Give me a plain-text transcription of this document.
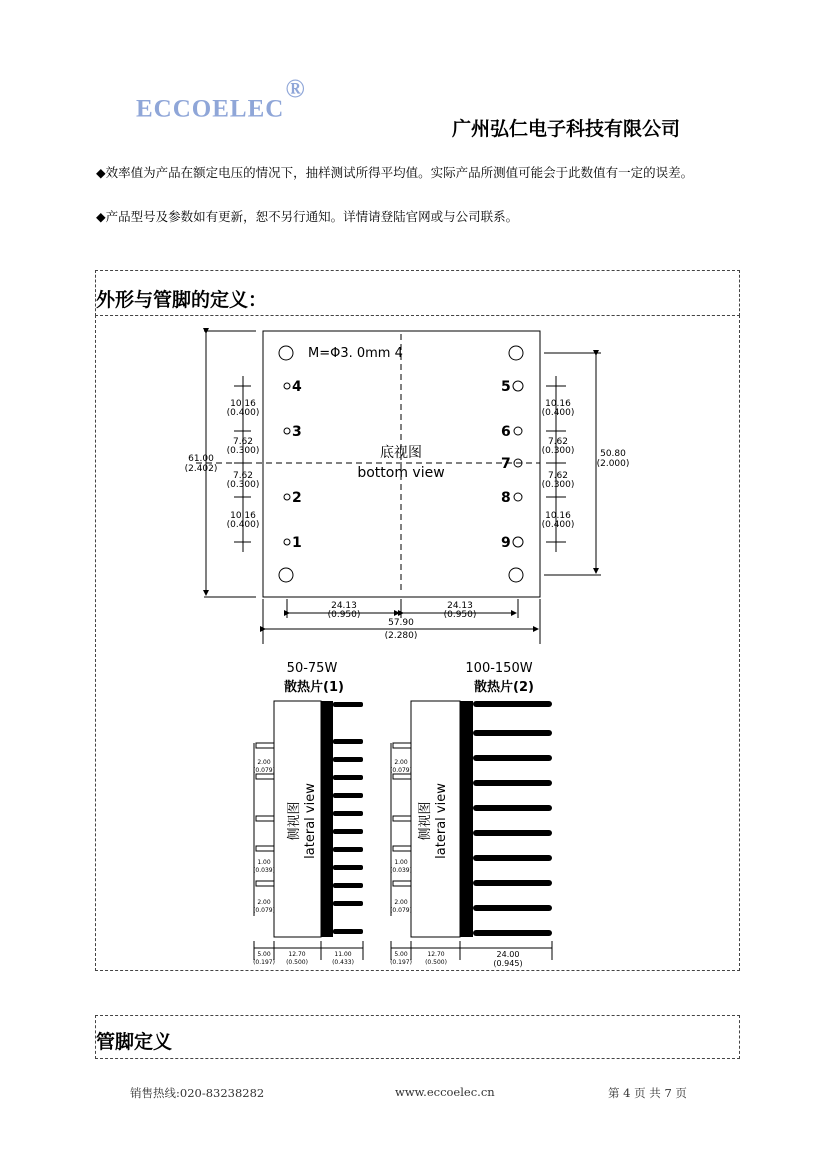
ECCOELEC®
广州弘仁电子科技有限公司
◆效率值为产品在额定电压的情况下，抽样测试所得平均值。实际产品所测值可能会于此数值有一定的误差。
◆产品型号及参数如有更新，恕不另行通知。详情请登陆官网或与公司联系。
外形与管脚的定义：
M=Φ3. 0mm 4
4
3
2
1
5
6
7
8
9
底视图
bottom view
61.00
(2.402)
10.16
(0.400)
7.62
(0.300)
7.62
(0.300)
10.16
(0.400)
50.80
(2.000)
10.16
(0.400)
7.62
(0.300)
7.62
(0.300)
10.16
(0.400)
24.13
(0.950)
24.13
(0.950)
57.90
(2.280)
50-75W
散热片(1)
2.00
(0.079)
1.00
(0.039)
2.00
(0.079)
5.00
(0.197)
12.70
(0.500)
11.00
(0.433)
侧视图 lateral view
100-150W
散热片(2)
2.00
(0.079)
1.00
(0.039)
2.00
(0.079)
5.00
(0.197)
12.70
(0.500)
24.00
(0.945)
侧视图 lateral view
管脚定义
销售热线:020-83238282	www.eccoelec.cn	第 4 页 共 7 页
